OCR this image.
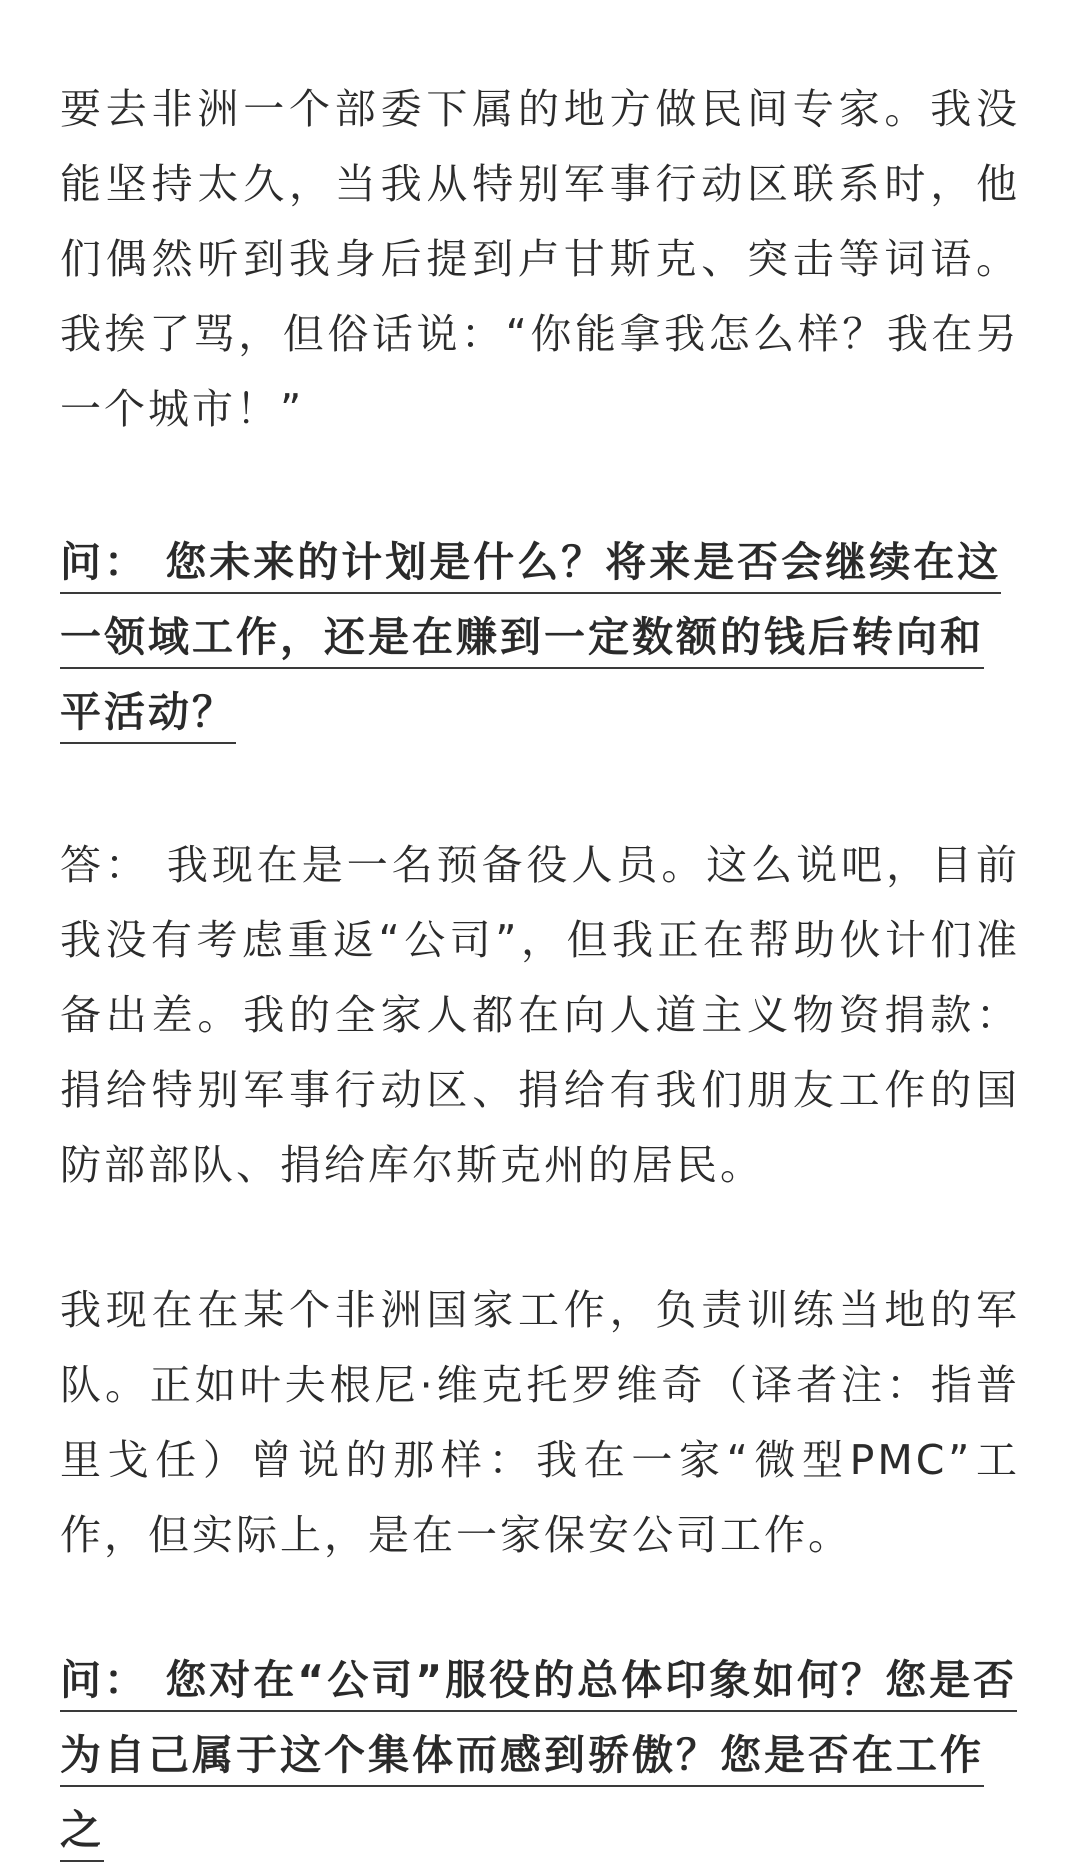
要去非洲一个部委下属的地方做民间专家。我没能坚持太久，当我从特别军事行动区联系时，他们偶然听到我身后提到卢甘斯克、突击等词语。我挨了骂，但俗话说：“你能拿我怎么样？我在另一个城市！”

问： 您未来的计划是什么？将来是否会继续在这一领域工作，还是在赚到一定数额的钱后转向和平活动？

答： 我现在是一名预备役人员。这么说吧，目前我没有考虑重返“公司”，但我正在帮助伙计们准备出差。我的全家人都在向人道主义物资捐款：捐给特别军事行动区、捐给有我们朋友工作的国防部部队、捐给库尔斯克州的居民。

我现在在某个非洲国家工作，负责训练当地的军队。正如叶夫根尼·维克托罗维奇（译者注：指普里戈任）曾说的那样：我在一家“微型PMC”工作，但实际上，是在一家保安公司工作。

问： 您对在“公司”服役的总体印象如何？您是否为自己属于这个集体而感到骄傲？您是否在工作之
